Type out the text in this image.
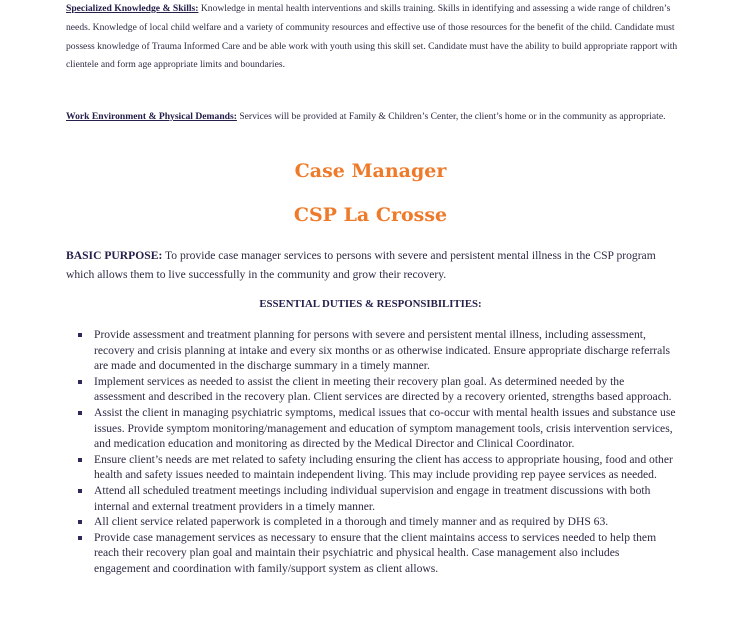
Specialized Knowledge & Skills: Knowledge in mental health interventions and skills training. Skills in identifying and assessing a wide range of children’s needs. Knowledge of local child welfare and a variety of community resources and effective use of those resources for the benefit of the child. Candidate must possess knowledge of Trauma Informed Care and be able work with youth using this skill set. Candidate must have the ability to build appropriate rapport with clientele and form age appropriate limits and boundaries.
Work Environment & Physical Demands: Services will be provided at Family & Children’s Center, the client’s home or in the community as appropriate.
Case Manager
CSP La Crosse
BASIC PURPOSE: To provide case manager services to persons with severe and persistent mental illness in the CSP program which allows them to live successfully in the community and grow their recovery.
ESSENTIAL DUTIES & RESPONSIBILITIES:
Provide assessment and treatment planning for persons with severe and persistent mental illness, including assessment, recovery and crisis planning at intake and every six months or as otherwise indicated. Ensure appropriate discharge referrals are made and documented in the discharge summary in a timely manner.
Implement services as needed to assist the client in meeting their recovery plan goal. As determined needed by the assessment and described in the recovery plan. Client services are directed by a recovery oriented, strengths based approach.
Assist the client in managing psychiatric symptoms, medical issues that co-occur with mental health issues and substance use issues. Provide symptom monitoring/management and education of symptom management tools, crisis intervention services, and medication education and monitoring as directed by the Medical Director and Clinical Coordinator.
Ensure client’s needs are met related to safety including ensuring the client has access to appropriate housing, food and other health and safety issues needed to maintain independent living. This may include providing rep payee services as needed.
Attend all scheduled treatment meetings including individual supervision and engage in treatment discussions with both internal and external treatment providers in a timely manner.
All client service related paperwork is completed in a thorough and timely manner and as required by DHS 63.
Provide case management services as necessary to ensure that the client maintains access to services needed to help them reach their recovery plan goal and maintain their psychiatric and physical health. Case management also includes engagement and coordination with family/support system as client allows.
